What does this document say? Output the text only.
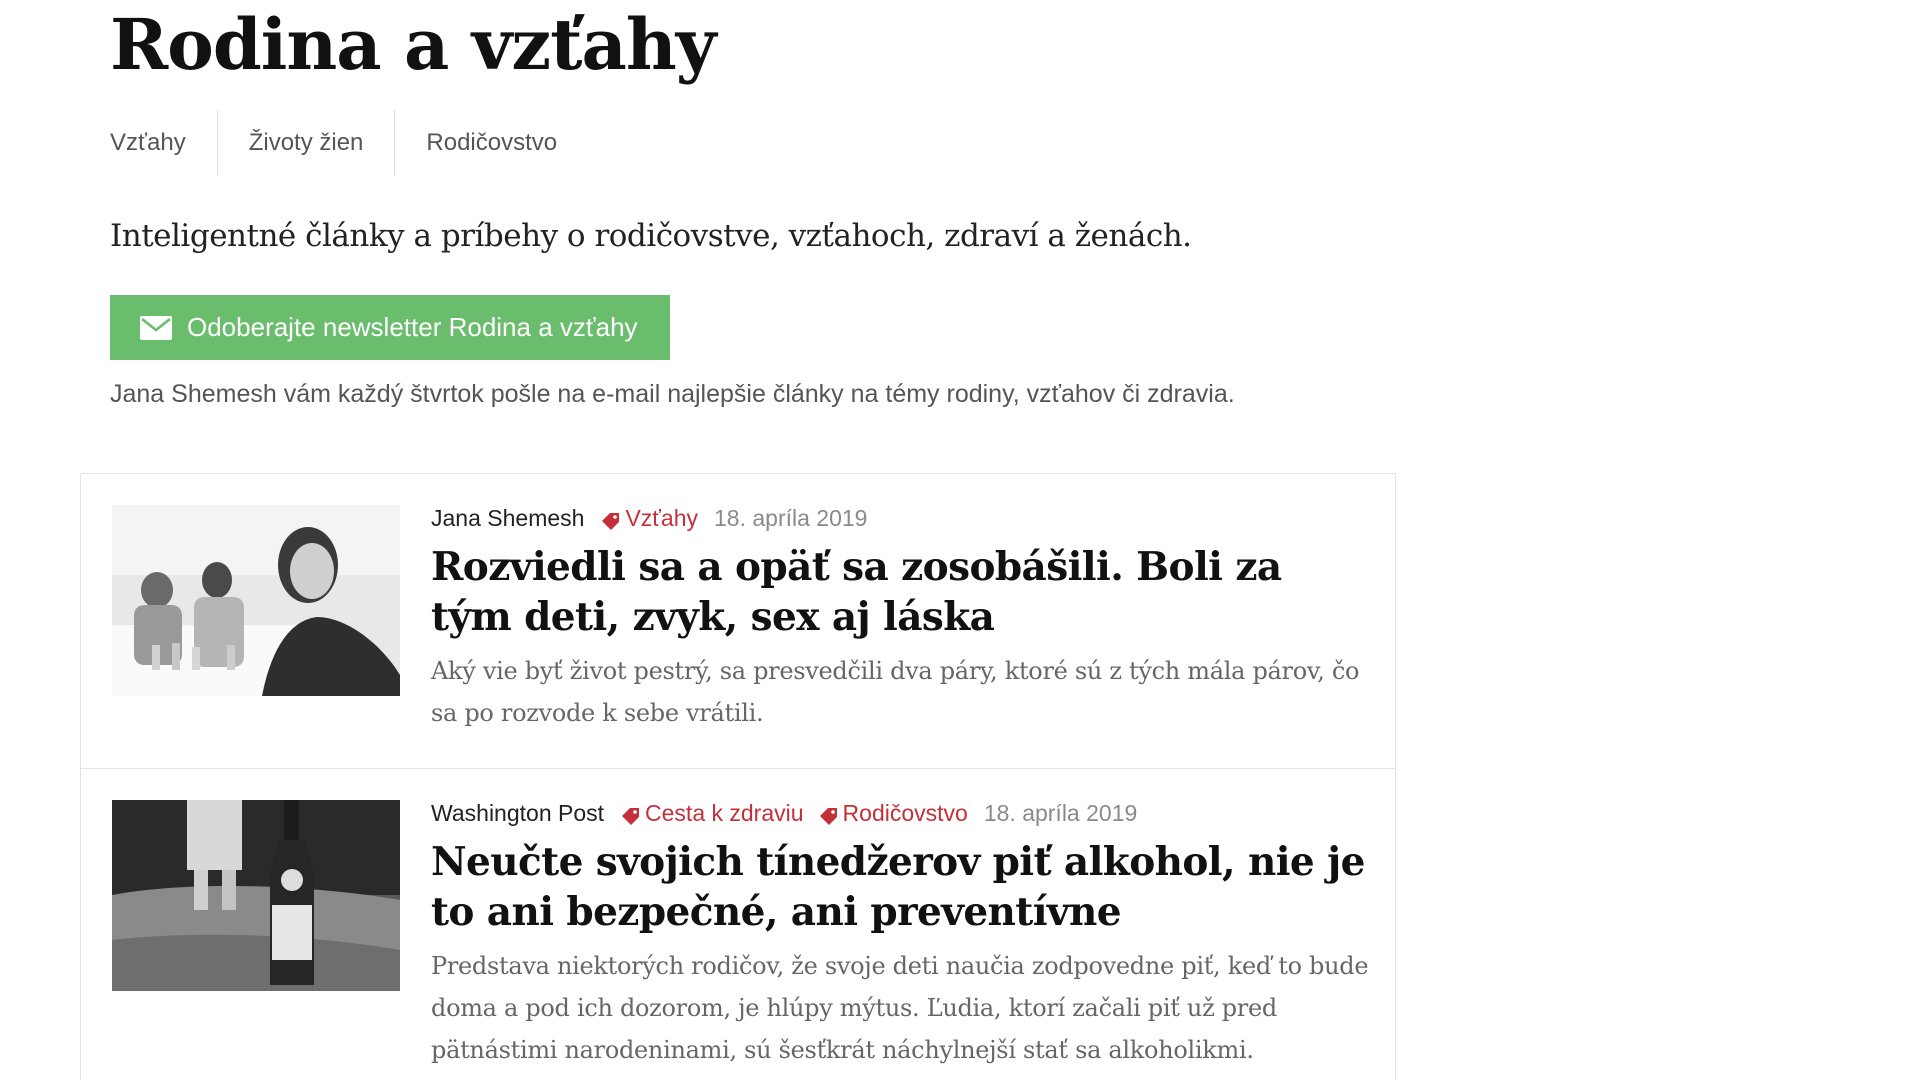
Rodina a vzťahy
Vzťahy	Životy žien	Rodičovstvo

Inteligentné články a príbehy o rodičovstve, vzťahoch, zdraví a ženách.

Odoberajte newsletter Rodina a vzťahy

Jana Shemesh vám každý štvrtok pošle na e-mail najlepšie články na témy rodiny, vzťahov či zdravia.

Jana Shemesh Vzťahy 18. apríla 2019
Rozviedli sa a opäť sa zosobášili. Boli za tým deti, zvyk, sex aj láska

Aký vie byť život pestrý, sa presvedčili dva páry, ktoré sú z tých mála párov, čo sa po rozvode k sebe vrátili.

Washington Post Cesta k zdraviu Rodičovstvo 18. apríla 2019
Neučte svojich tínedžerov piť alkohol, nie je to ani bezpečné, ani preventívne

Predstava niektorých rodičov, že svoje deti naučia zodpovedne piť, keď to bude doma a pod ich dozorom, je hlúpy mýtus. Ľudia, ktorí začali piť už pred pätnástimi narodeninami, sú šesťkrát náchylnejší stať sa alkoholikmi.
